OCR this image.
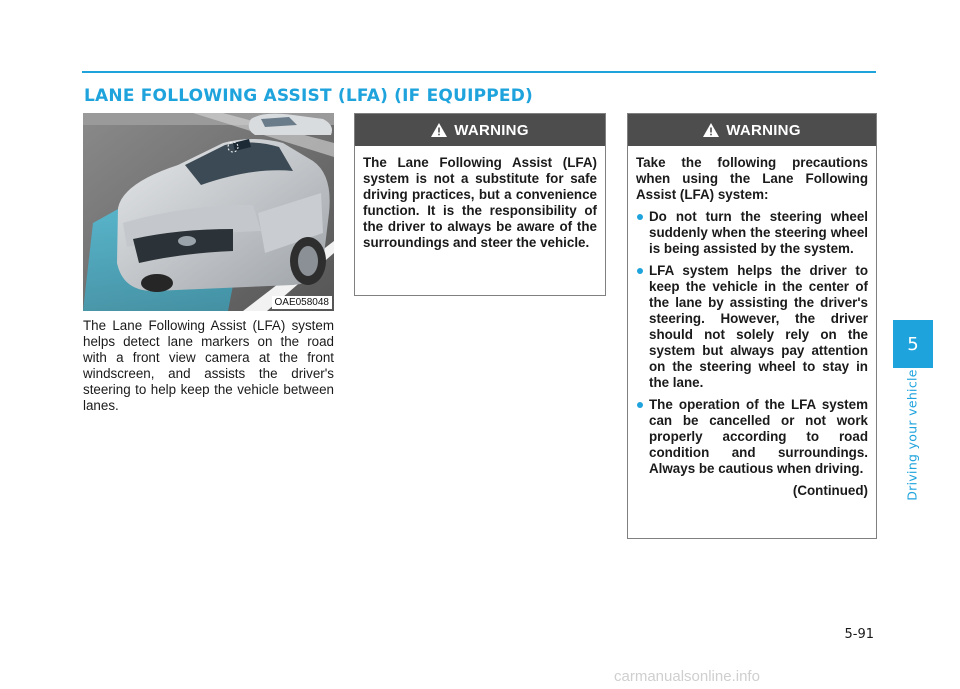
LANE FOLLOWING ASSIST (LFA) (IF EQUIPPED)
OAE058048

The Lane Following Assist (LFA) system helps detect lane markers on the road with a front view camera at the front windscreen, and assists the driver's steering to help keep the vehicle between lanes.

WARNING

The Lane Following Assist (LFA) system is not a substitute for safe driving practices, but a convenience function. It is the responsibility of the driver to always be aware of the surroundings and steer the vehicle.

WARNING

Take the following precautions when using the Lane Following Assist (LFA) system:

Do not turn the steering wheel suddenly when the steering wheel is being assisted by the system.
LFA system helps the driver to keep the vehicle in the center of the lane by assisting the driver's steering. However, the driver should not solely rely on the system but always pay attention on the steering wheel to stay in the lane.
The operation of the LFA system can be cancelled or not work properly according to road condition and surroundings. Always be cautious when driving.

(Continued)

5
Driving your vehicle
5-91
carmanualsonline.info
